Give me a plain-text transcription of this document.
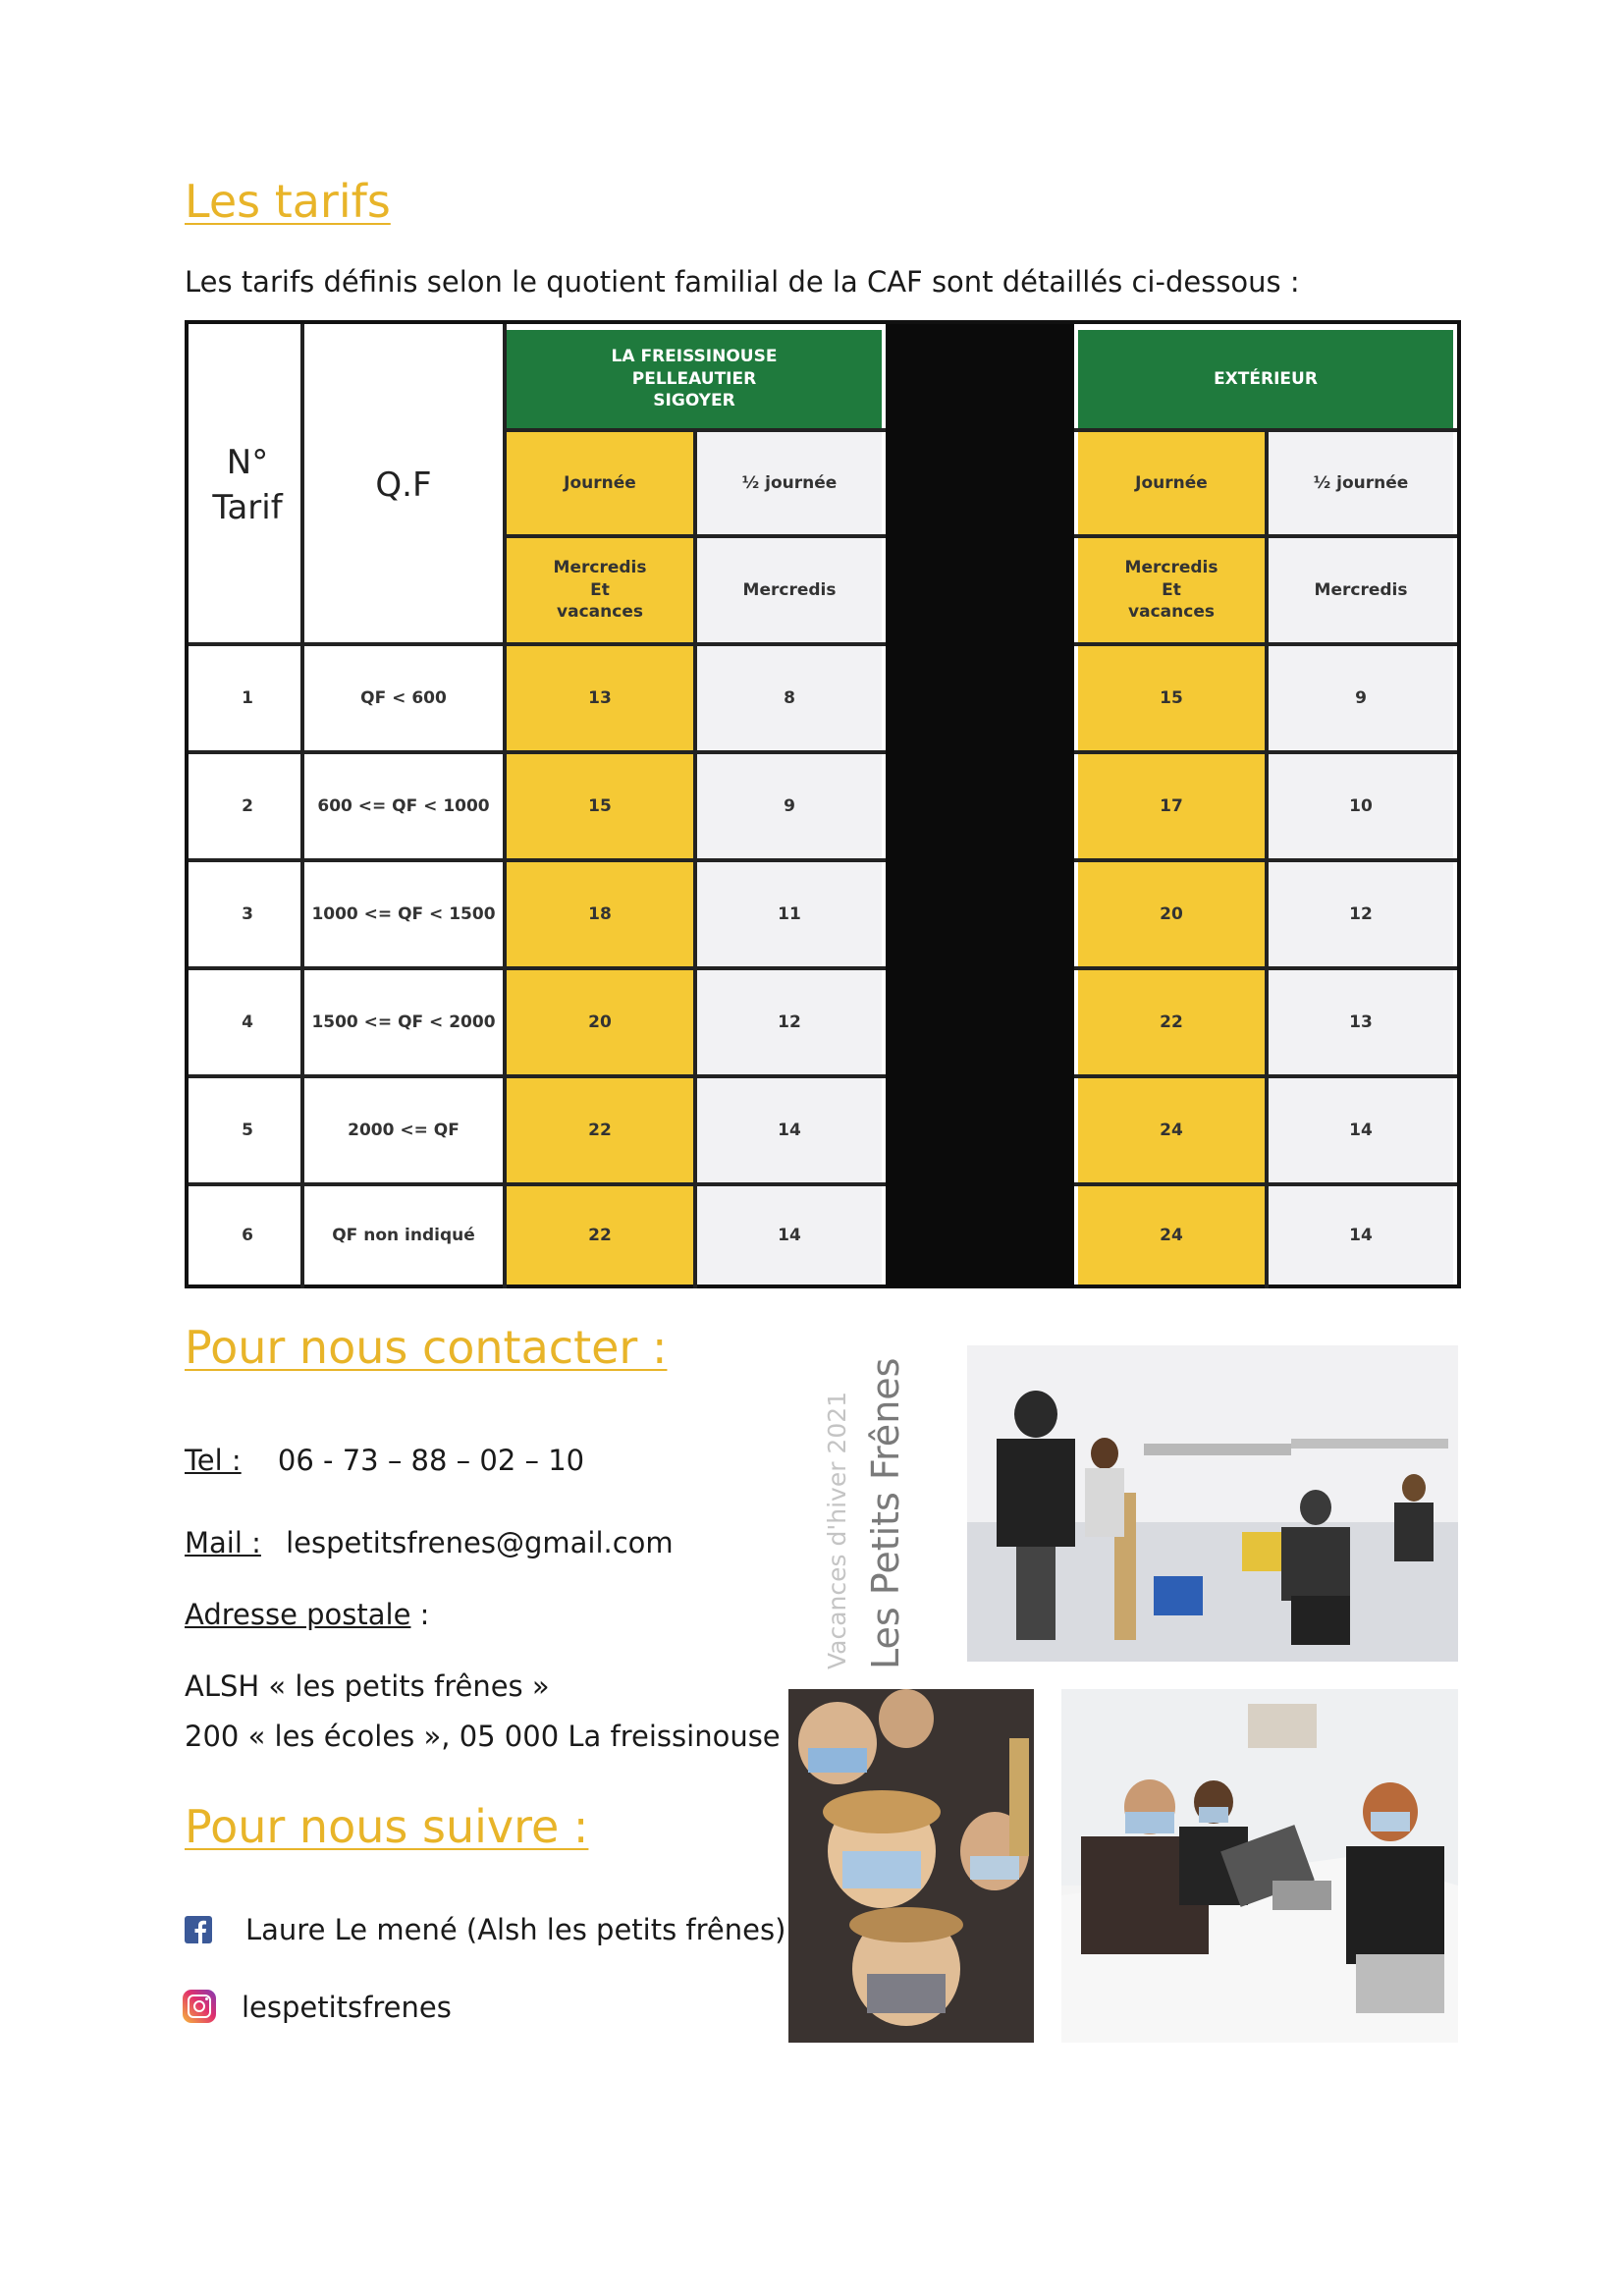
Les tarifs
Les tarifs définis selon le quotient familial de la CAF sont détaillés ci-dessous :
N° Tarif
Q.F
LA FREISSINOUSE PELLEAUTIER SIGOYER
EXTÉRIEUR
Journée	½ journée	Journée	½ journée
Mercredis Et vacances
Mercredis
Mercredis Et vacances
Mercredis
1	QF < 600	13	8	15	9
2	600 <= QF < 1000	15	9	17	10
3	1000 <= QF < 1500	18	11	20	12
4	1500 <= QF < 2000	20	12	22	13
5	2000 <= QF	22	14	24	14
6	QF non indiqué	22	14	24	14
Pour nous contacter :
Tel : 06 - 73 – 88 – 02 – 10
Mail : lespetitsfrenes@gmail.com
Adresse postale :
ALSH « les petits frênes »
200 « les écoles », 05 000 La freissinouse
Pour nous suivre :
Laure Le mené (Alsh les petits frênes)
lespetitsfrenes
Vacances d'hiver 2021 Les Petits Frênes
